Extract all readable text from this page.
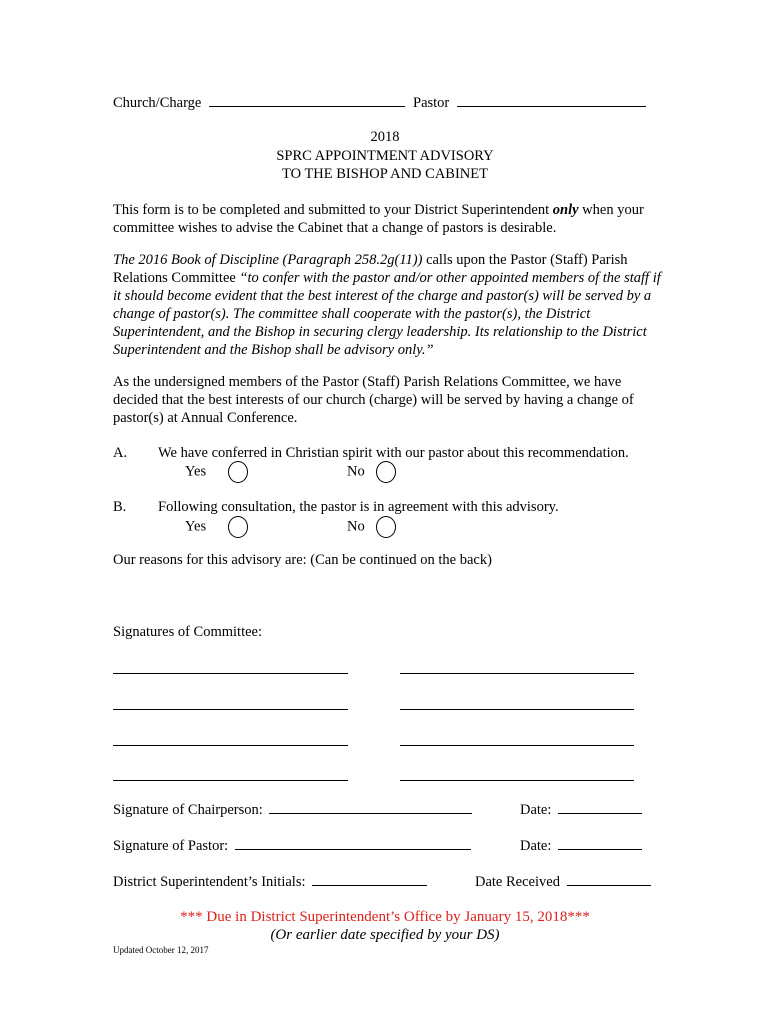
Church/Charge	Pastor
2018
SPRC APPOINTMENT ADVISORY
TO THE BISHOP AND CABINET
This form is to be completed and submitted to your District Superintendent only when your committee wishes to advise the Cabinet that a change of pastors is desirable.
The 2016 Book of Discipline (Paragraph 258.2g(11)) calls upon the Pastor (Staff) Parish Relations Committee “to confer with the pastor and/or other appointed members of the staff if it should become evident that the best interest of the charge and pastor(s) will be served by a change of pastor(s). The committee shall cooperate with the pastor(s), the District Superintendent, and the Bishop in securing clergy leadership. Its relationship to the District Superintendent and the Bishop shall be advisory only.”
As the undersigned members of the Pastor (Staff) Parish Relations Committee, we have decided that the best interests of our church (charge) will be served by having a change of pastor(s) at Annual Conference.
A. We have conferred in Christian spirit with our pastor about this recommendation.
Yes	No
B. Following consultation, the pastor is in agreement with this advisory.
Yes	No
Our reasons for this advisory are: (Can be continued on the back)
Signatures of Committee:
Signature of Chairperson:	Date:
Signature of Pastor:	Date:
District Superintendent’s Initials:	Date Received
*** Due in District Superintendent’s Office by January 15, 2018***
(Or earlier date specified by your DS)
Updated October 12, 2017
